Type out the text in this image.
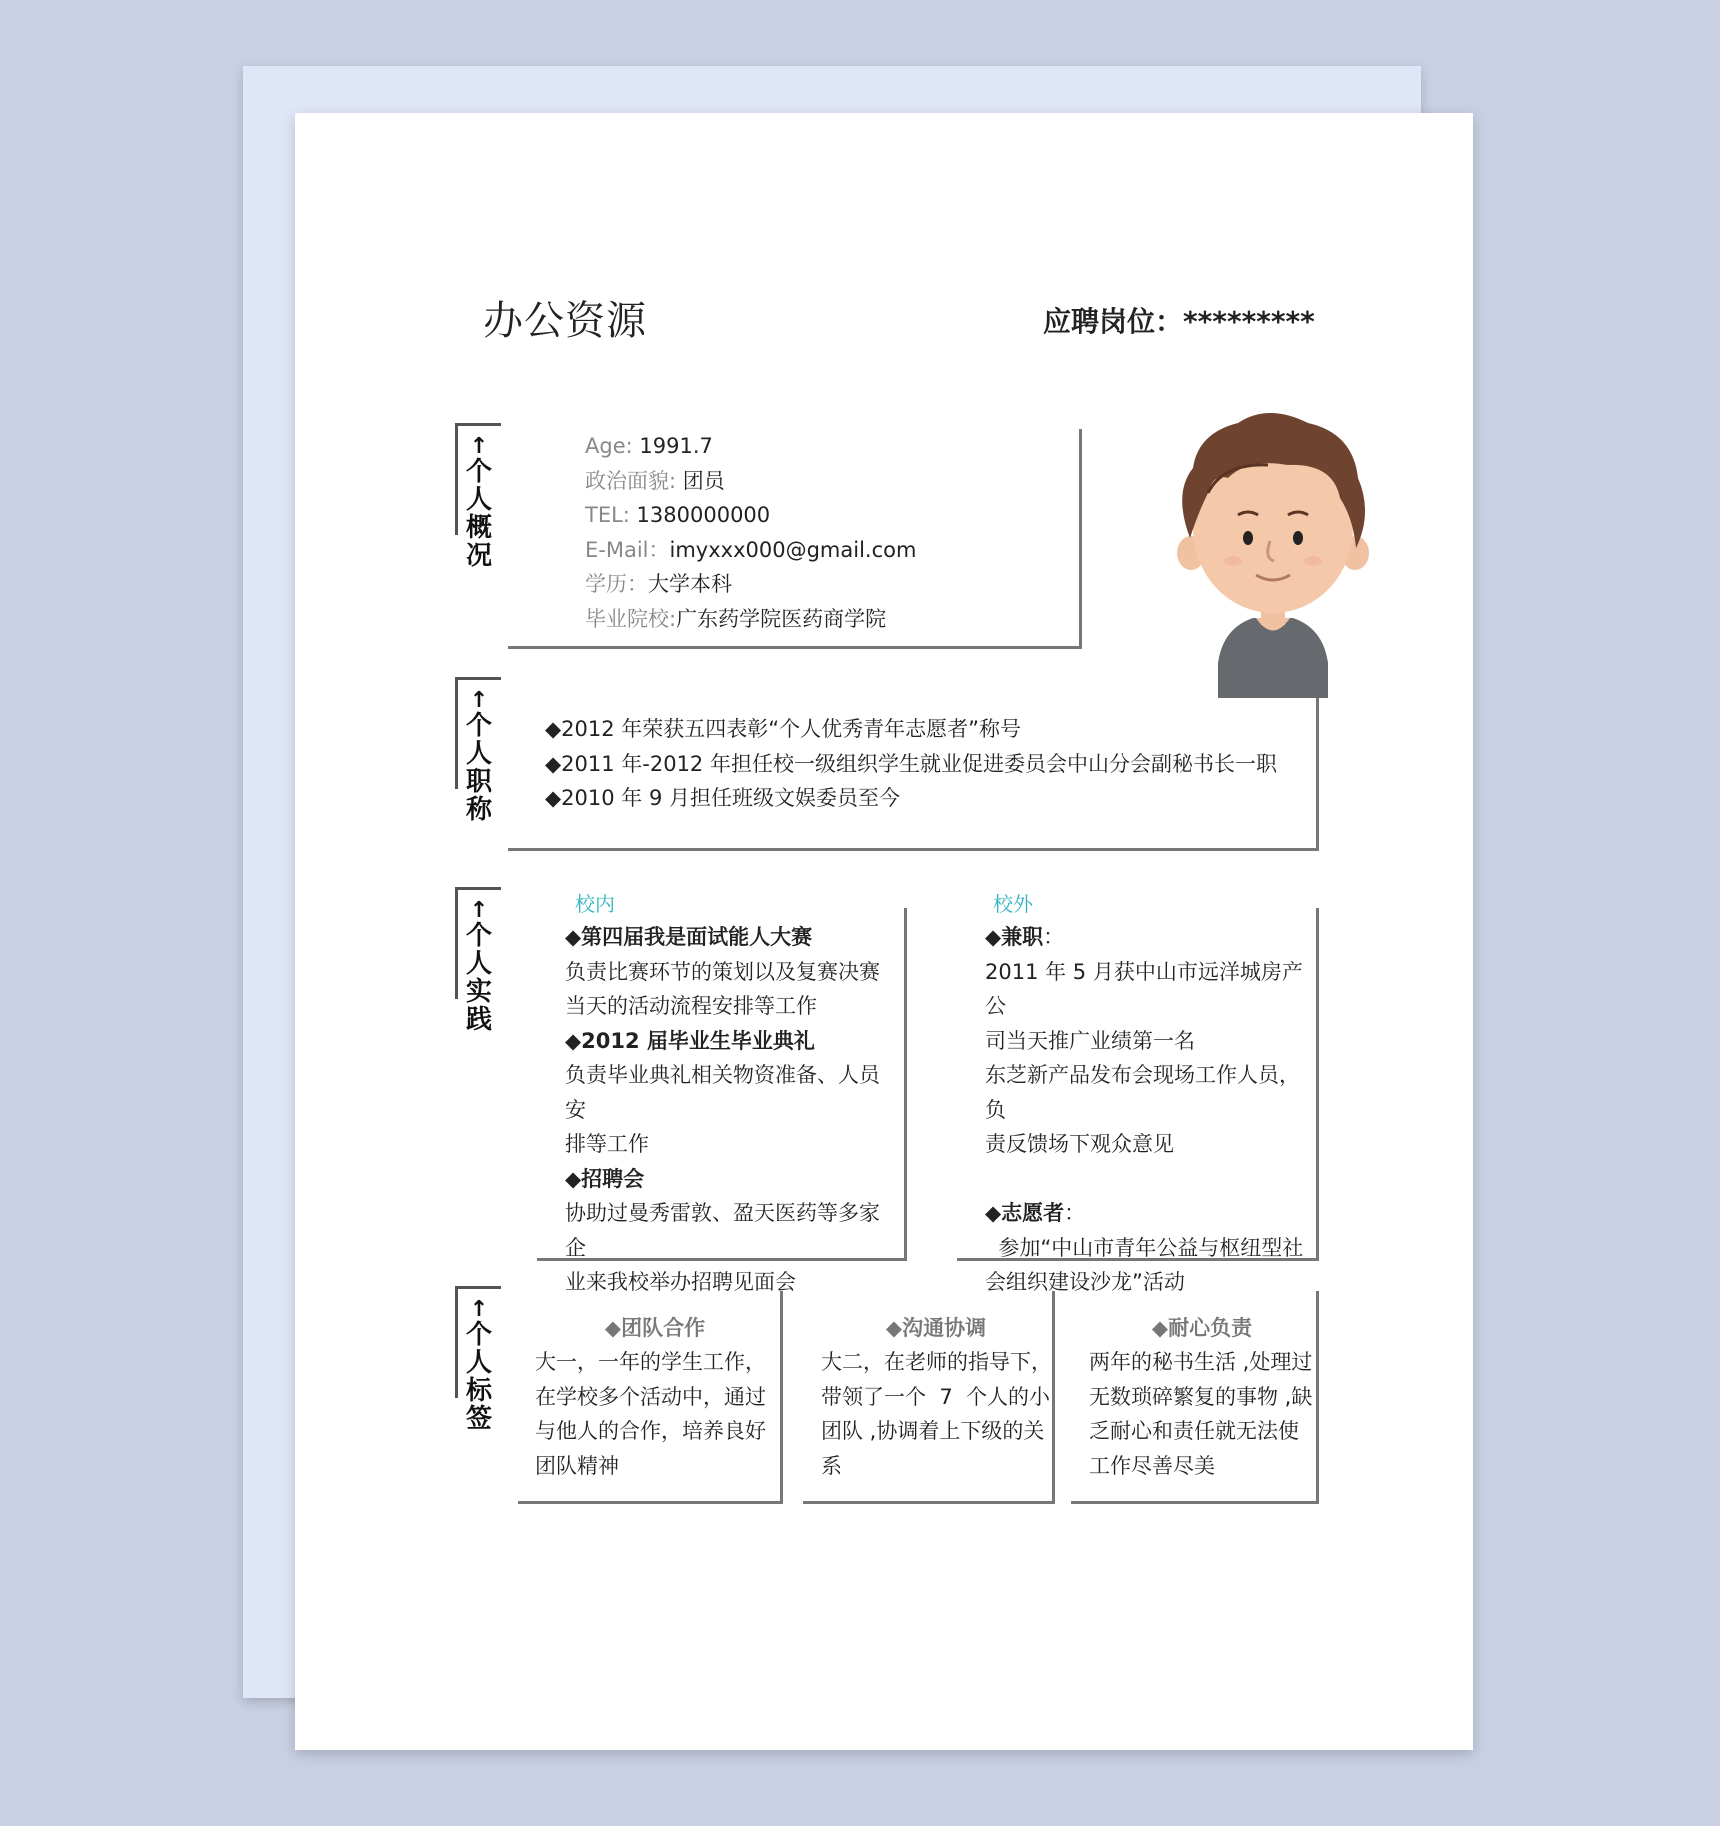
办公资源	应聘岗位：*********
↑
个
人
概
况
Age: 1991.7
政治面貌: 团员
TEL: 1380000000
E-Mail：imyxxx000@gmail.com
学历：大学本科
毕业院校:广东药学院医药商学院
↑
个
人
职
称
◆2012 年荣获五四表彰“个人优秀青年志愿者”称号
◆2011 年-2012 年担任校一级组织学生就业促进委员会中山分会副秘书长一职
◆2010 年 9 月担任班级文娱委员至今
↑
个
人
实
践
校内
◆第四届我是面试能人大赛
负责比赛环节的策划以及复赛决赛
当天的活动流程安排等工作
◆2012 届毕业生毕业典礼
负责毕业典礼相关物资准备、人员安
排等工作
◆招聘会
协助过曼秀雷敦、盈天医药等多家企
业来我校举办招聘见面会
校外
◆兼职：
2011 年 5 月获中山市远洋城房产公
司当天推广业绩第一名
东芝新产品发布会现场工作人员，负
责反馈场下观众意见

◆志愿者：
参加“中山市青年公益与枢纽型社
会组织建设沙龙”活动
↑
个
人
标
签
◆团队合作
大一，一年的学生工作，
在学校多个活动中，通过
与他人的合作，培养良好
团队精神
◆沟通协调
大二，在老师的指导下，
带领了一个  7  个人的小
团队 ,协调着上下级的关
系
◆耐心负责
两年的秘书生活 ,处理过
无数琐碎繁复的事物 ,缺
乏耐心和责任就无法使
工作尽善尽美
